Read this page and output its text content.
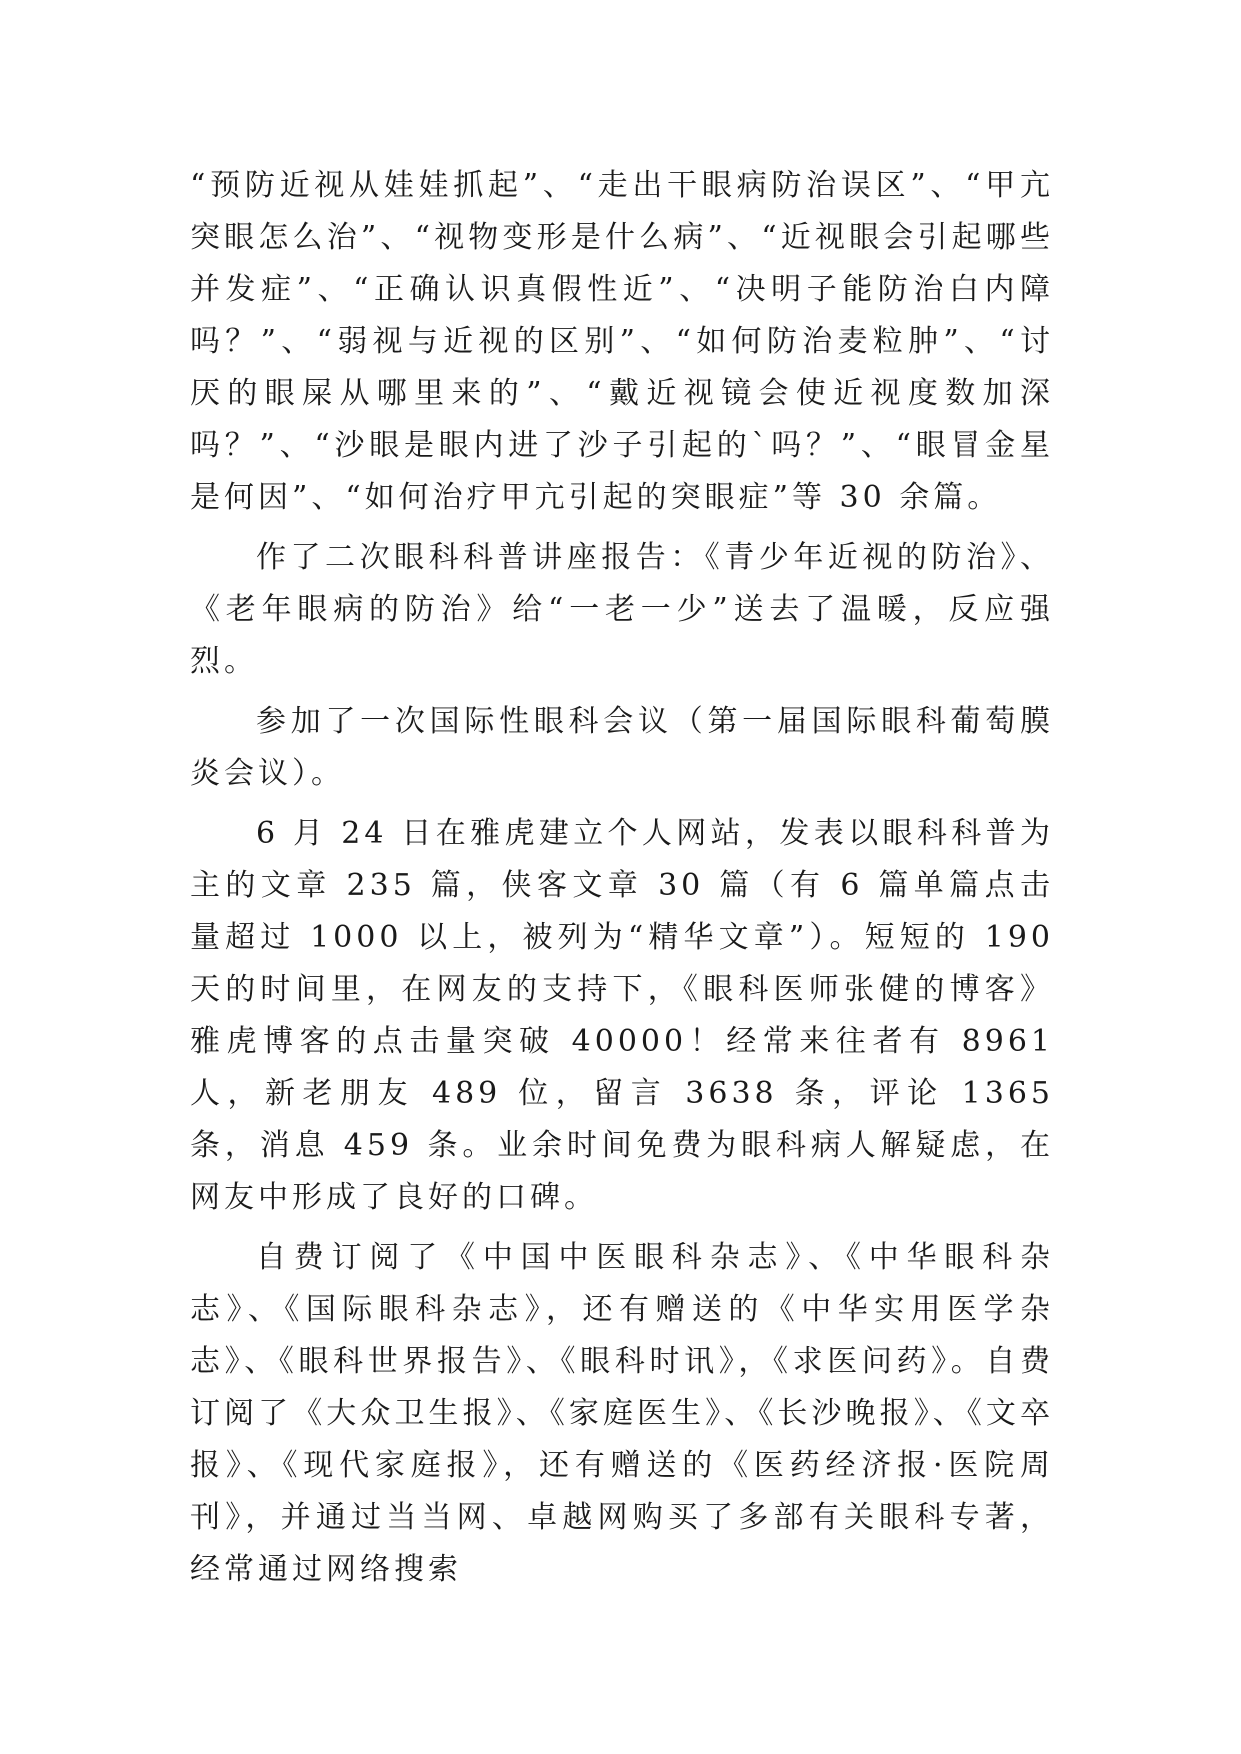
“预防近视从娃娃抓起”、“走出干眼病防治误区”、“甲亢突眼怎么治”、“视物变形是什么病”、“近视眼会引起哪些并发症”、“正确认识真假性近”、“决明子能防治白内障吗？”、“弱视与近视的区别”、“如何防治麦粒肿”、“讨厌的眼屎从哪里来的”、“戴近视镜会使近视度数加深吗？”、“沙眼是眼内进了沙子引起的`吗？”、“眼冒金星是何因”、“如何治疗甲亢引起的突眼症”等 30 余篇。

作了二次眼科科普讲座报告：《青少年近视的防治》、《老年眼病的防治》给“一老一少”送去了温暖，反应强烈。

参加了一次国际性眼科会议（第一届国际眼科葡萄膜炎会议）。

6 月 24 日在雅虎建立个人网站，发表以眼科科普为主的文章 235 篇，侠客文章 30 篇（有 6 篇单篇点击量超过 1000 以上，被列为“精华文章”）。短短的 190 天的时间里，在网友的支持下，《眼科医师张健的博客》雅虎博客的点击量突破 40000！经常来往者有 8961 人，新老朋友 489 位，留言 3638 条，评论 1365 条，消息 459 条。业余时间免费为眼科病人解疑虑，在网友中形成了良好的口碑。

自费订阅了《中国中医眼科杂志》、《中华眼科杂志》、《国际眼科杂志》，还有赠送的《中华实用医学杂志》、《眼科世界报告》、《眼科时讯》，《求医问药》。自费订阅了《大众卫生报》、《家庭医生》、《长沙晚报》、《文卒报》、《现代家庭报》，还有赠送的《医药经济报·医院周刊》，并通过当当网、卓越网购买了多部有关眼科专著，经常通过网络搜索
